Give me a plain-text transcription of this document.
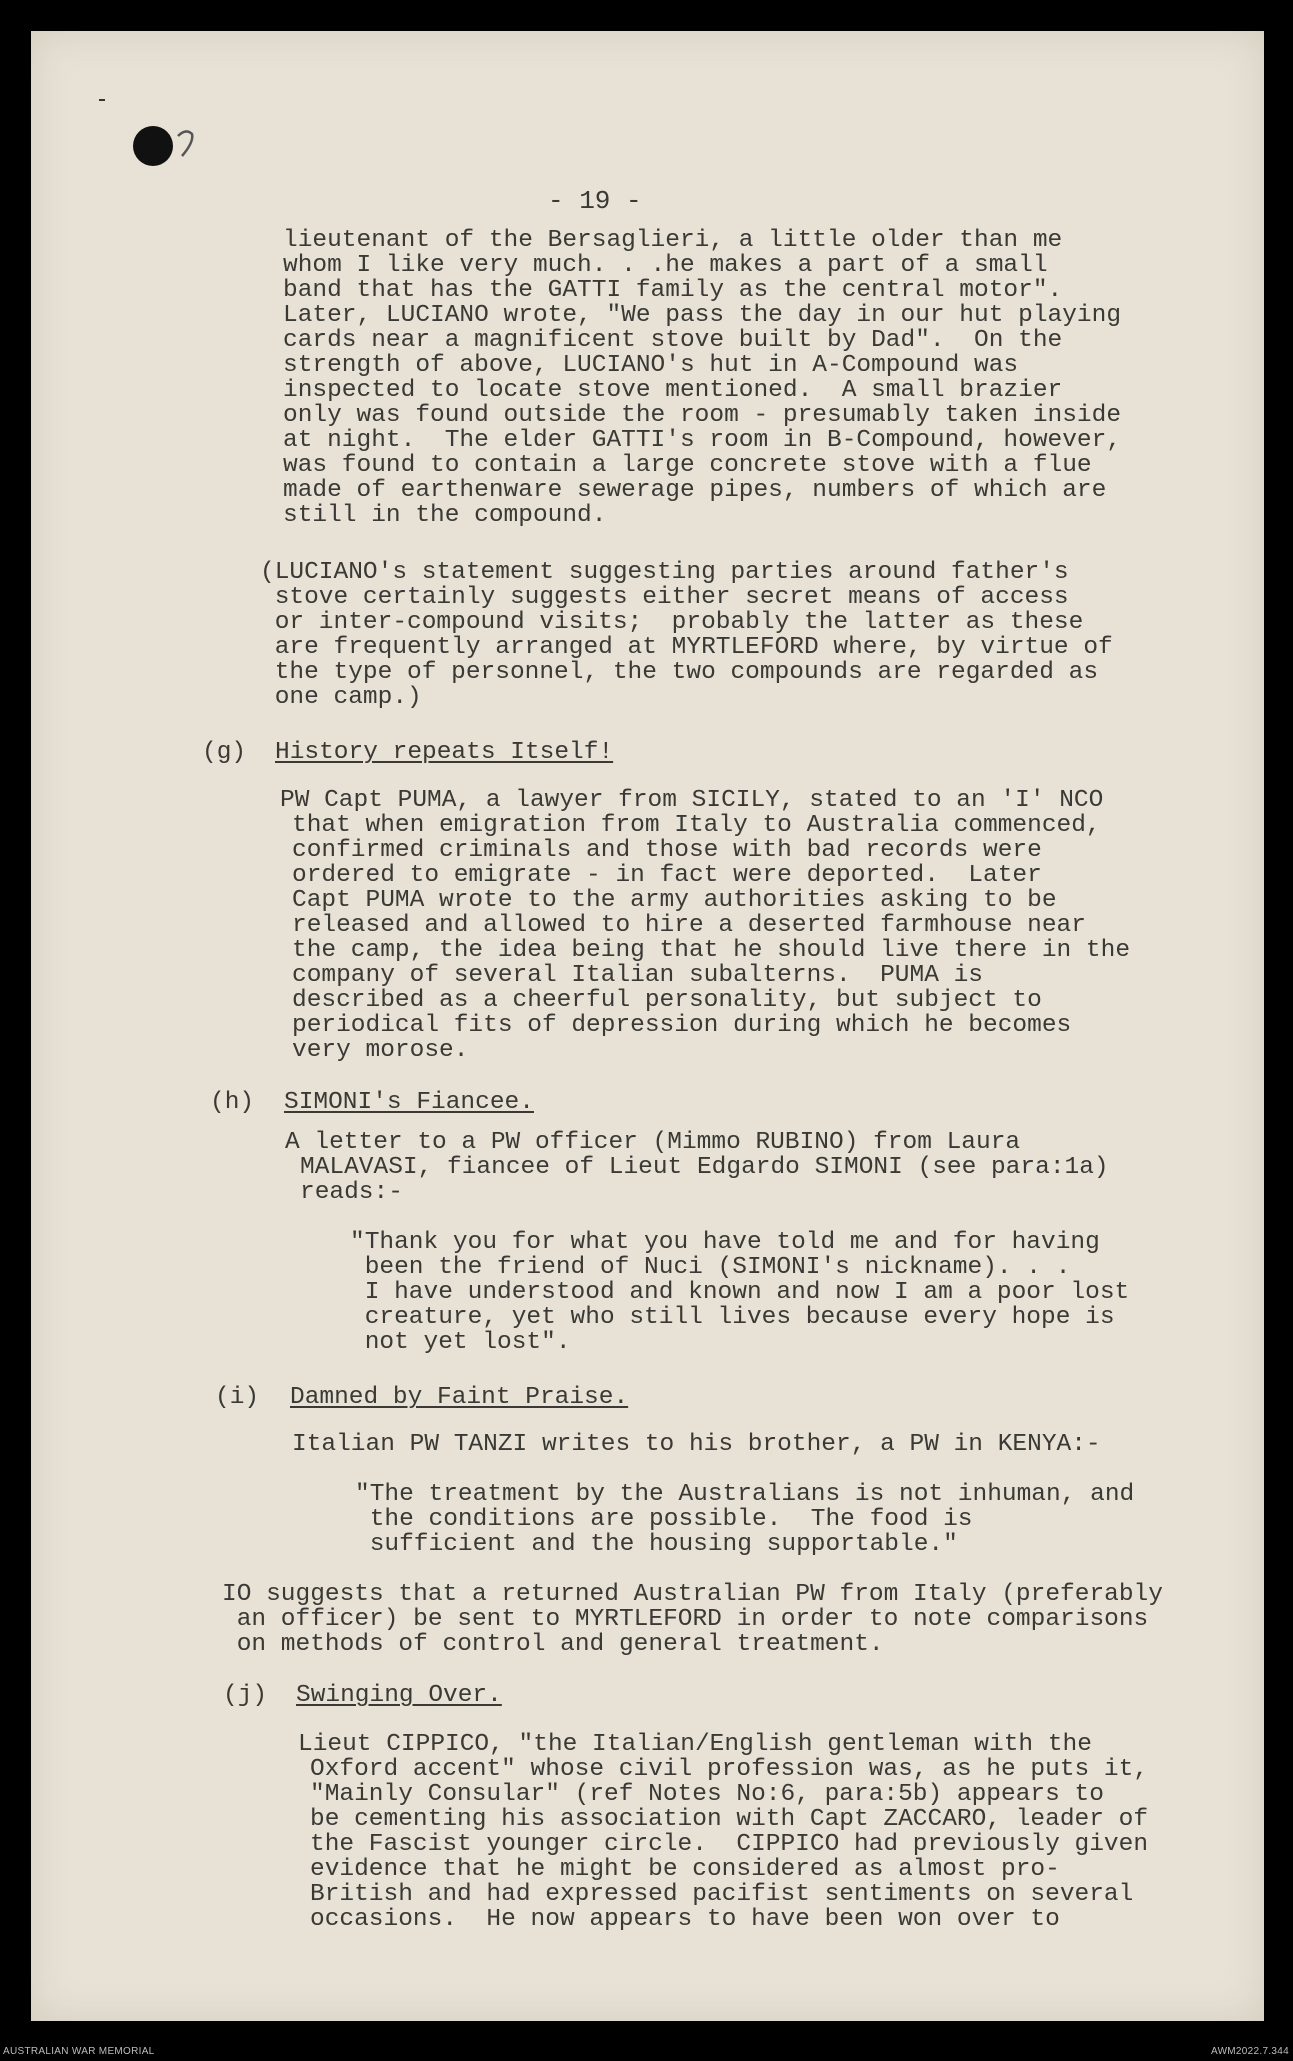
- 19 -
lieutenant of the Bersaglieri, a little older than me
whom I like very much. . .he makes a part of a small
band that has the GATTI family as the central motor".
Later, LUCIANO wrote, "We pass the day in our hut playing
cards near a magnificent stove built by Dad".  On the
strength of above, LUCIANO's hut in A-Compound was
inspected to locate stove mentioned.  A small brazier
only was found outside the room - presumably taken inside
at night.  The elder GATTI's room in B-Compound, however,
was found to contain a large concrete stove with a flue
made of earthenware sewerage pipes, numbers of which are
still in the compound.
(LUCIANO's statement suggesting parties around father's
stove certainly suggests either secret means of access
or inter-compound visits;  probably the latter as these
are frequently arranged at MYRTLEFORD where, by virtue of
the type of personnel, the two compounds are regarded as
one camp.)
(g) History repeats Itself!
PW Capt PUMA, a lawyer from SICILY, stated to an 'I' NCO
that when emigration from Italy to Australia commenced,
confirmed criminals and those with bad records were
ordered to emigrate - in fact were deported.  Later
Capt PUMA wrote to the army authorities asking to be
released and allowed to hire a deserted farmhouse near
the camp, the idea being that he should live there in the
company of several Italian subalterns.  PUMA is
described as a cheerful personality, but subject to
periodical fits of depression during which he becomes
very morose.
(h) SIMONI's Fiancee.
A letter to a PW officer (Mimmo RUBINO) from Laura
MALAVASI, fiancee of Lieut Edgardo SIMONI (see para:1a)
reads:-
"Thank you for what you have told me and for having
been the friend of Nuci (SIMONI's nickname). . .
I have understood and known and now I am a poor lost
creature, yet who still lives because every hope is
not yet lost".
(i) Damned by Faint Praise.
Italian PW TANZI writes to his brother, a PW in KENYA:-
"The treatment by the Australians is not inhuman, and
the conditions are possible.  The food is
sufficient and the housing supportable."
IO suggests that a returned Australian PW from Italy (preferably
an officer) be sent to MYRTLEFORD in order to note comparisons
on methods of control and general treatment.
(j) Swinging Over.
Lieut CIPPICO, "the Italian/English gentleman with the
Oxford accent" whose civil profession was, as he puts it,
"Mainly Consular" (ref Notes No:6, para:5b) appears to
be cementing his association with Capt ZACCARO, leader of
the Fascist younger circle.  CIPPICO had previously given
evidence that he might be considered as almost pro-
British and had expressed pacifist sentiments on several
occasions.  He now appears to have been won over to
AUSTRALIAN WAR MEMORIAL	AWM2022.7.344
